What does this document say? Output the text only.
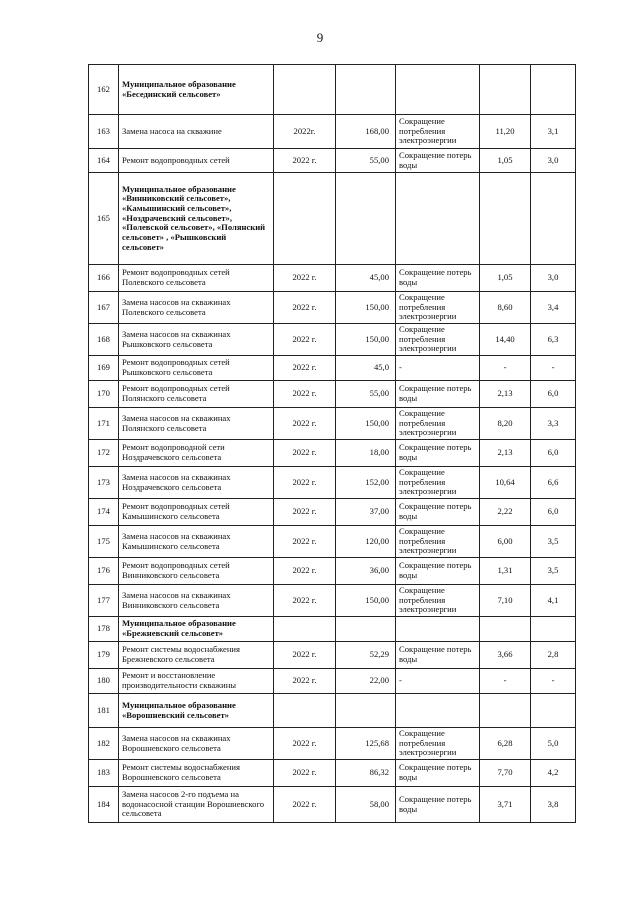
9
162	Муниципальное образование «Бесединский сельсовет»					
163	Замена насоса на скважине	2022г.	168,00	Сокращение потребления электроэнергии	11,20	3,1
164	Ремонт водопроводных сетей	2022 г.	55,00	Сокращение потерь воды	1,05	3,0
165	Муниципальное образование «Винниковский сельсовет», «Камышинский сельсовет», «Ноздрачевский сельсовет», «Полевской сельсовет», «Полянский сельсовет» , «Рышковский сельсовет»					
166	Ремонт водопроводных сетей Полевского сельсовета	2022 г.	45,00	Сокращение потерь воды	1,05	3,0
167	Замена насосов на скважинах Полевского сельсовета	2022 г.	150,00	Сокращение потребления электроэнергии	8,60	3,4
168	Замена насосов на скважинах Рышковского сельсовета	2022 г.	150,00	Сокращение потребления электроэнергии	14,40	6,3
169	Ремонт водопроводных сетей Рышковского сельсовета	2022 г.	45,0	-	-	-
170	Ремонт водопроводных сетей Полянского сельсовета	2022 г.	55,00	Сокращение потерь воды	2,13	6,0
171	Замена насосов на скважинах Полянского сельсовета	2022 г.	150,00	Сокращение потребления электроэнергии	8,20	3,3
172	Ремонт водопроводной сети Ноздрачевского сельсовета	2022 г.	18,00	Сокращение потерь воды	2,13	6,0
173	Замена насосов на скважинах Ноздрачевского сельсовета	2022 г.	152,00	Сокращение потребления электроэнергии	10,64	6,6
174	Ремонт водопроводных сетей Камышинского сельсовета	2022 г.	37,00	Сокращение потерь воды	2,22	6,0
175	Замена насосов на скважинах Камышинского сельсовета	2022 г.	120,00	Сокращение потребления электроэнергии	6,00	3,5
176	Ремонт водопроводных сетей Винниковского сельсовета	2022 г.	36,00	Сокращение потерь воды	1,31	3,5
177	Замена насосов на скважинах Винниковского сельсовета	2022 г.	150,00	Сокращение потребления электроэнергии	7,10	4,1
178	Муниципальное образование «Брежневский сельсовет»					
179	Ремонт системы водоснабжения Брежневского сельсовета	2022 г.	52,29	Сокращение потерь воды	3,66	2,8
180	Ремонт и восстановление производительности скважины	2022 г.	22,00	-	-	-
181	Муниципальное образование «Ворошневский сельсовет»					
182	Замена насосов на скважинах Ворошневского сельсовета	2022 г.	125,68	Сокращение потребления электроэнергии	6,28	5,0
183	Ремонт системы водоснабжения Ворошневского сельсовета	2022 г.	86,32	Сокращение потерь воды	7,70	4,2
184	Замена насосов 2-го подъема на водонасосной станции Ворошневского сельсовета	2022 г.	58,00	Сокращение потерь воды	3,71	3,8
